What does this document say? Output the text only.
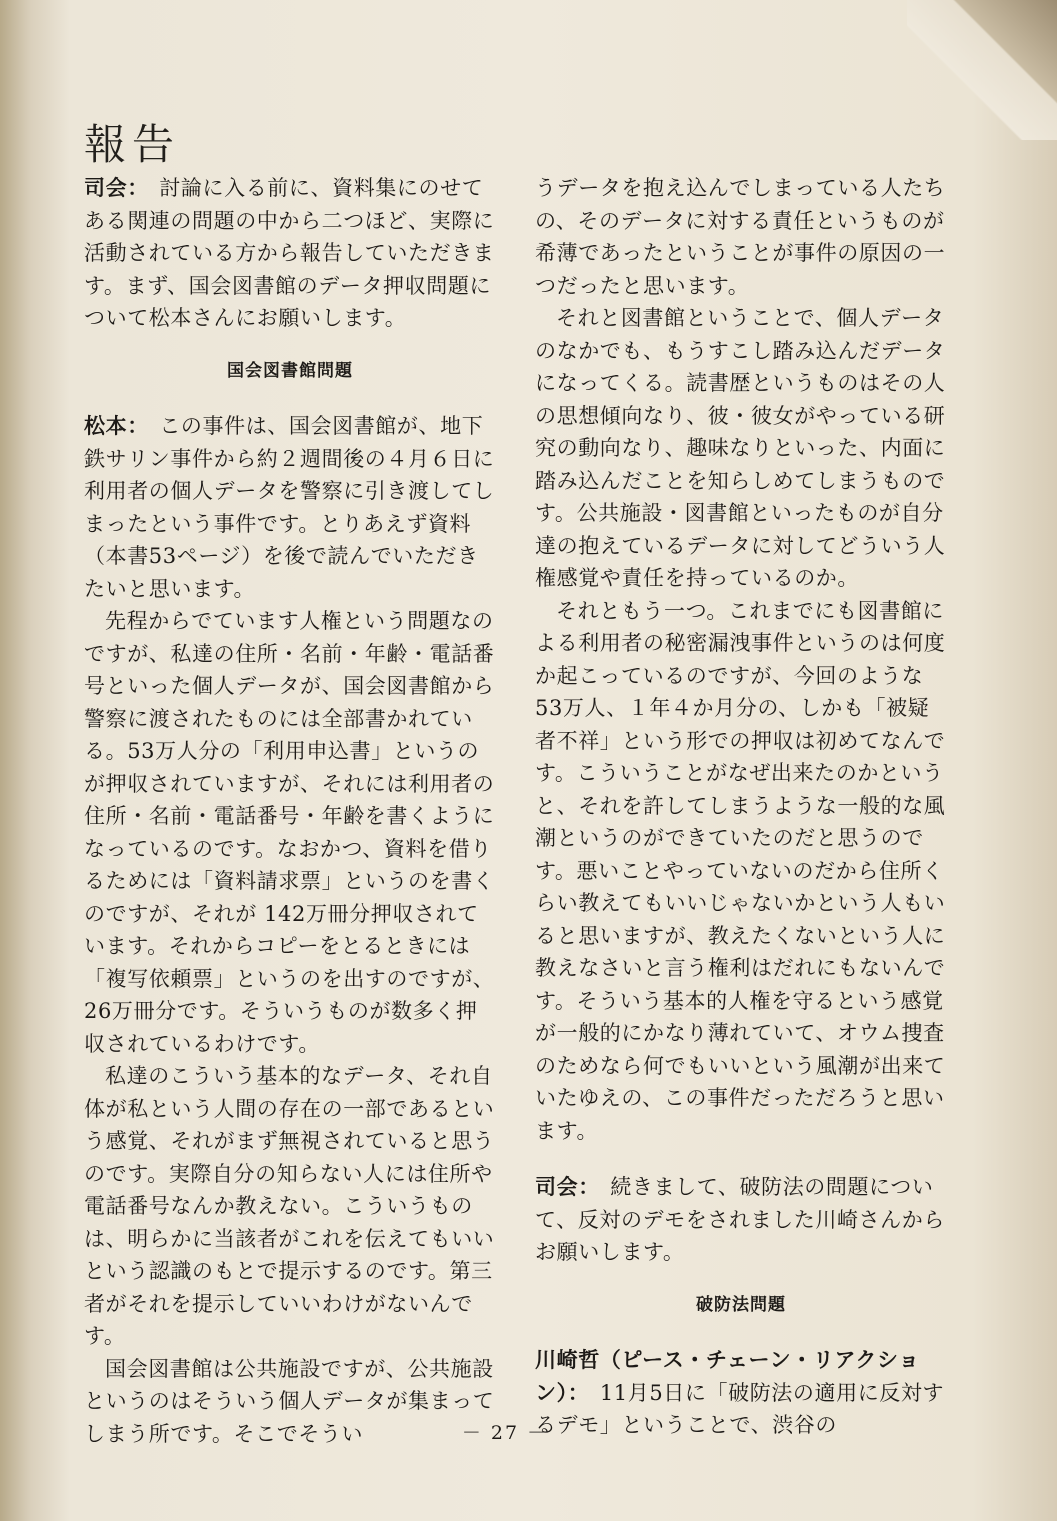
報告

司会： 討論に入る前に、資料集にのせてある関連の問題の中から二つほど、実際に活動されている方から報告していただきます。まず、国会図書館のデータ押収問題について松本さんにお願いします。

国会図書館問題

松本： この事件は、国会図書館が、地下鉄サリン事件から約２週間後の４月６日に利用者の個人データを警察に引き渡してしまったという事件です。とりあえず資料（本書53ページ）を後で読んでいただきたいと思います。

先程からでています人権という問題なのですが、私達の住所・名前・年齢・電話番号といった個人データが、国会図書館から警察に渡されたものには全部書かれている。53万人分の「利用申込書」というのが押収されていますが、それには利用者の住所・名前・電話番号・年齢を書くようになっているのです。なおかつ、資料を借りるためには「資料請求票」というのを書くのですが、それが 142万冊分押収されています。それからコピーをとるときには「複写依頼票」というのを出すのですが、26万冊分です。そういうものが数多く押収されているわけです。

私達のこういう基本的なデータ、それ自体が私という人間の存在の一部であるという感覚、それがまず無視されていると思うのです。実際自分の知らない人には住所や電話番号なんか教えない。こういうものは、明らかに当該者がこれを伝えてもいいという認識のもとで提示するのです。第三者がそれを提示していいわけがないんです。

国会図書館は公共施設ですが、公共施設というのはそういう個人データが集まってしまう所です。そこでそうい

うデータを抱え込んでしまっている人たちの、そのデータに対する責任というものが希薄であったということが事件の原因の一つだったと思います。

それと図書館ということで、個人データのなかでも、もうすこし踏み込んだデータになってくる。読書歴というものはその人の思想傾向なり、彼・彼女がやっている研究の動向なり、趣味なりといった、内面に踏み込んだことを知らしめてしまうものです。公共施設・図書館といったものが自分達の抱えているデータに対してどういう人権感覚や責任を持っているのか。

それともう一つ。これまでにも図書館による利用者の秘密漏洩事件というのは何度か起こっているのですが、今回のような53万人、１年４か月分の、しかも「被疑者不祥」という形での押収は初めてなんです。こういうことがなぜ出来たのかというと、それを許してしまうような一般的な風潮というのができていたのだと思うのです。悪いことやっていないのだから住所くらい教えてもいいじゃないかという人もいると思いますが、教えたくないという人に教えなさいと言う権利はだれにもないんです。そういう基本的人権を守るという感覚が一般的にかなり薄れていて、オウム捜査のためなら何でもいいという風潮が出来ていたゆえの、この事件だっただろうと思います。

司会： 続きまして、破防法の問題について、反対のデモをされました川崎さんからお願いします。

破防法問題

川崎哲（ピース・チェーン・リアクション）： 11月5日に「破防法の適用に反対するデモ」ということで、渋谷の

－ 27 －
